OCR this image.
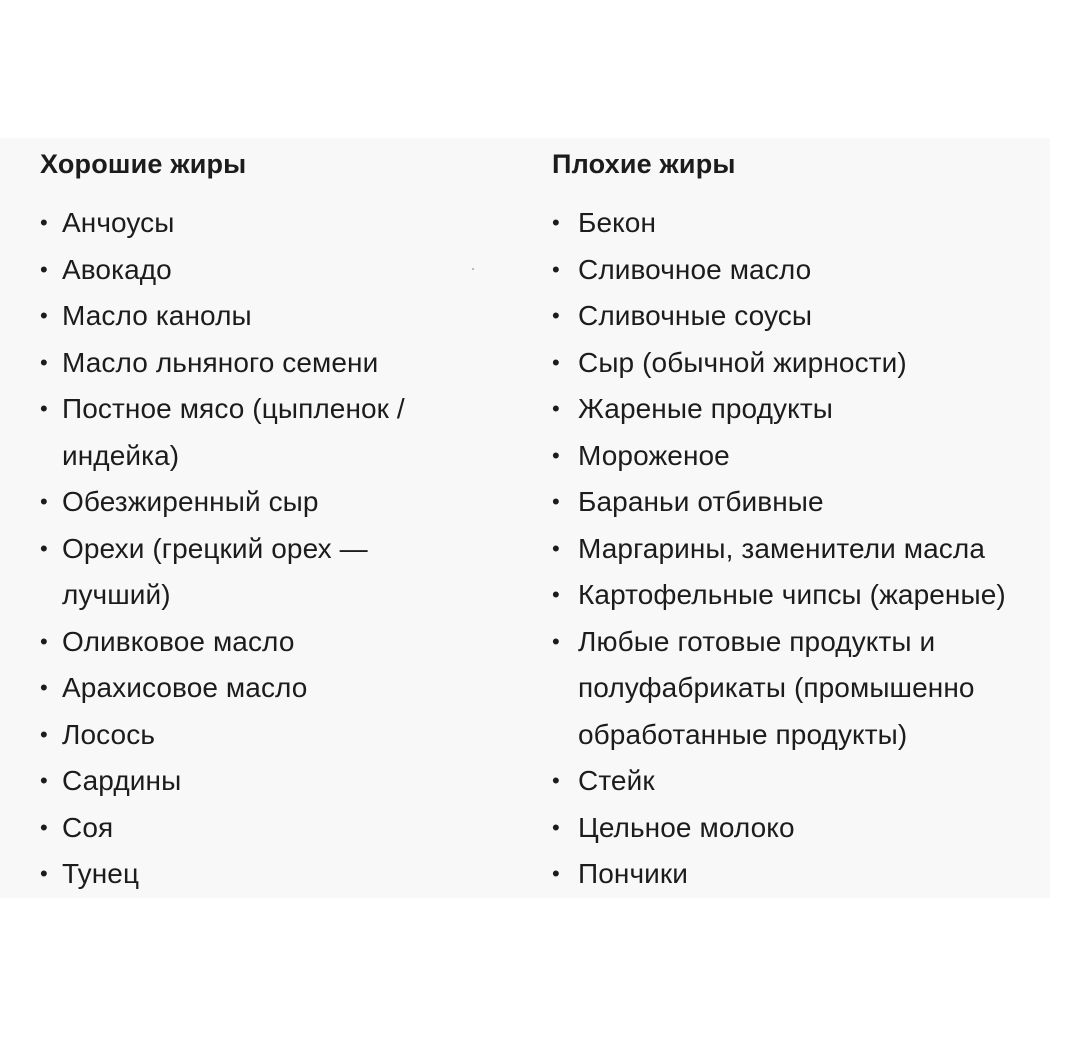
Хорошие жиры
• Анчоусы
• Авокадо
• Масло канолы
• Масло льняного семени
• Постное мясо (цыпленок /
индейка)
• Обезжиренный сыр
• Орехи (грецкий орех —
лучший)
• Оливковое масло
• Арахисовое масло
• Лосось
• Сардины
• Соя
• Тунец
Плохие жиры
• Бекон
• Сливочное масло
• Сливочные соусы
• Сыр (обычной жирности)
• Жареные продукты
• Мороженое
• Бараньи отбивные
• Маргарины, заменители масла
• Картофельные чипсы (жареные)
• Любые готовые продукты и
полуфабрикаты (промышенно
обработанные продукты)
• Стейк
• Цельное молоко
• Пончики
